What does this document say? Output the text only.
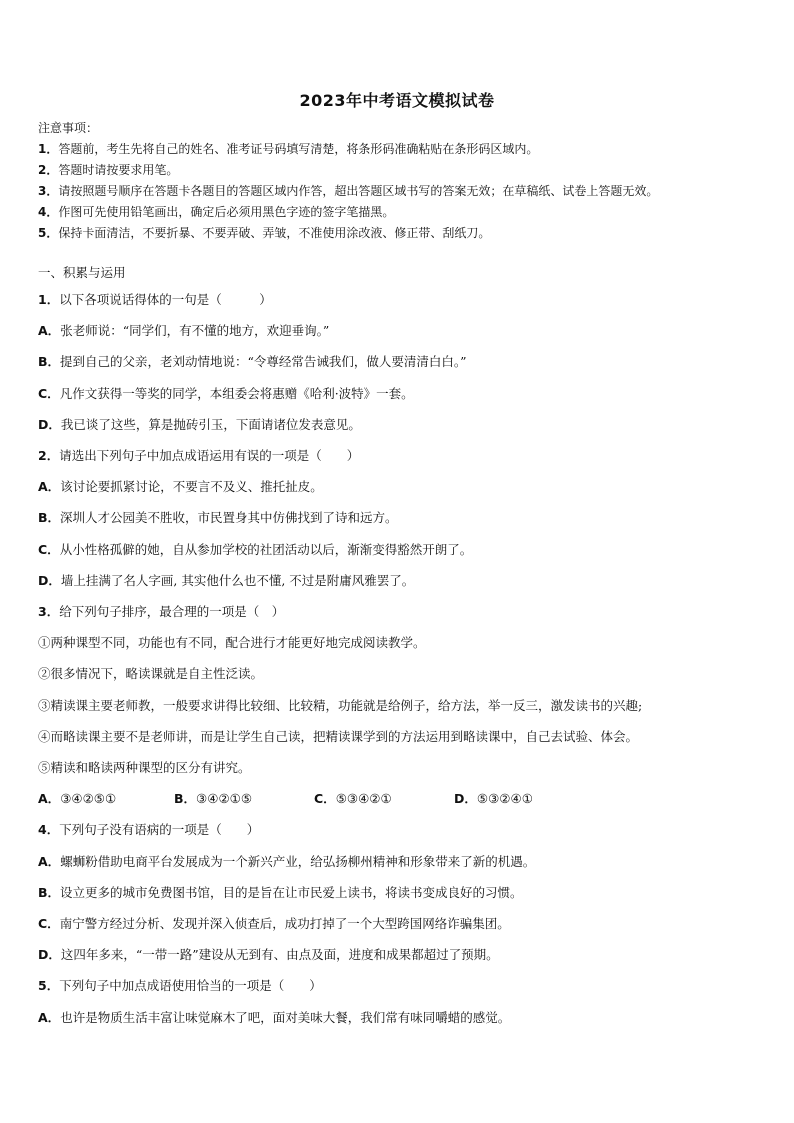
2023年中考语文模拟试卷

注意事项：

1．答题前，考生先将自己的姓名、准考证号码填写清楚，将条形码准确粘贴在条形码区域内。

2．答题时请按要求用笔。

3．请按照题号顺序在答题卡各题目的答题区域内作答，超出答题区域书写的答案无效；在草稿纸、试卷上答题无效。

4．作图可先使用铅笔画出，确定后必须用黑色字迹的签字笔描黑。

5．保持卡面清洁，不要折暴、不要弄破、弄皱，不准使用涂改液、修正带、刮纸刀。

一、积累与运用

1．以下各项说话得体的一句是（　　　）

A．张老师说：“同学们，有不懂的地方，欢迎垂询。”

B．提到自己的父亲，老刘动情地说：“令尊经常告诫我们，做人要清清白白。”

C．凡作文获得一等奖的同学，本组委会将惠赠《哈利·波特》一套。

D．我已谈了这些，算是抛砖引玉，下面请诸位发表意见。

2．请选出下列句子中加点成语运用有误的一项是（　　）

A．该讨论要抓紧讨论，不要言不及义、推托扯皮。

B．深圳人才公园美不胜收，市民置身其中仿佛找到了诗和远方。

C．从小性格孤僻的她，自从参加学校的社团活动以后，渐渐变得豁然开朗了。

D．墙上挂满了名人字画, 其实他什么也不懂, 不过是附庸风雅罢了。

3．给下列句子排序，最合理的一项是（　）

①两种课型不同，功能也有不同，配合进行才能更好地完成阅读教学。

②很多情况下，略读课就是自主性泛读。

③精读课主要老师教，一般要求讲得比较细、比较精，功能就是给例子，给方法，举一反三，激发读书的兴趣;

④而略读课主要不是老师讲，而是让学生自己读，把精读课学到的方法运用到略读课中，自己去试验、体会。

⑤精读和略读两种课型的区分有讲究。

A．③④②⑤①	B．③④②①⑤	C．⑤③④②①	D．⑤③②④①

4．下列句子没有语病的一项是（　　）

A．螺蛳粉借助电商平台发展成为一个新兴产业，给弘扬柳州精神和形象带来了新的机遇。

B．设立更多的城市免费图书馆，目的是旨在让市民爱上读书，将读书变成良好的习惯。

C．南宁警方经过分析、发现并深入侦查后，成功打掉了一个大型跨国网络诈骗集团。

D．这四年多来，“一带一路”建设从无到有、由点及面，进度和成果都超过了预期。

5．下列句子中加点成语使用恰当的一项是（　　）

A．也许是物质生活丰富让味觉麻木了吧，面对美味大餐，我们常有味同嚼蜡的感觉。
